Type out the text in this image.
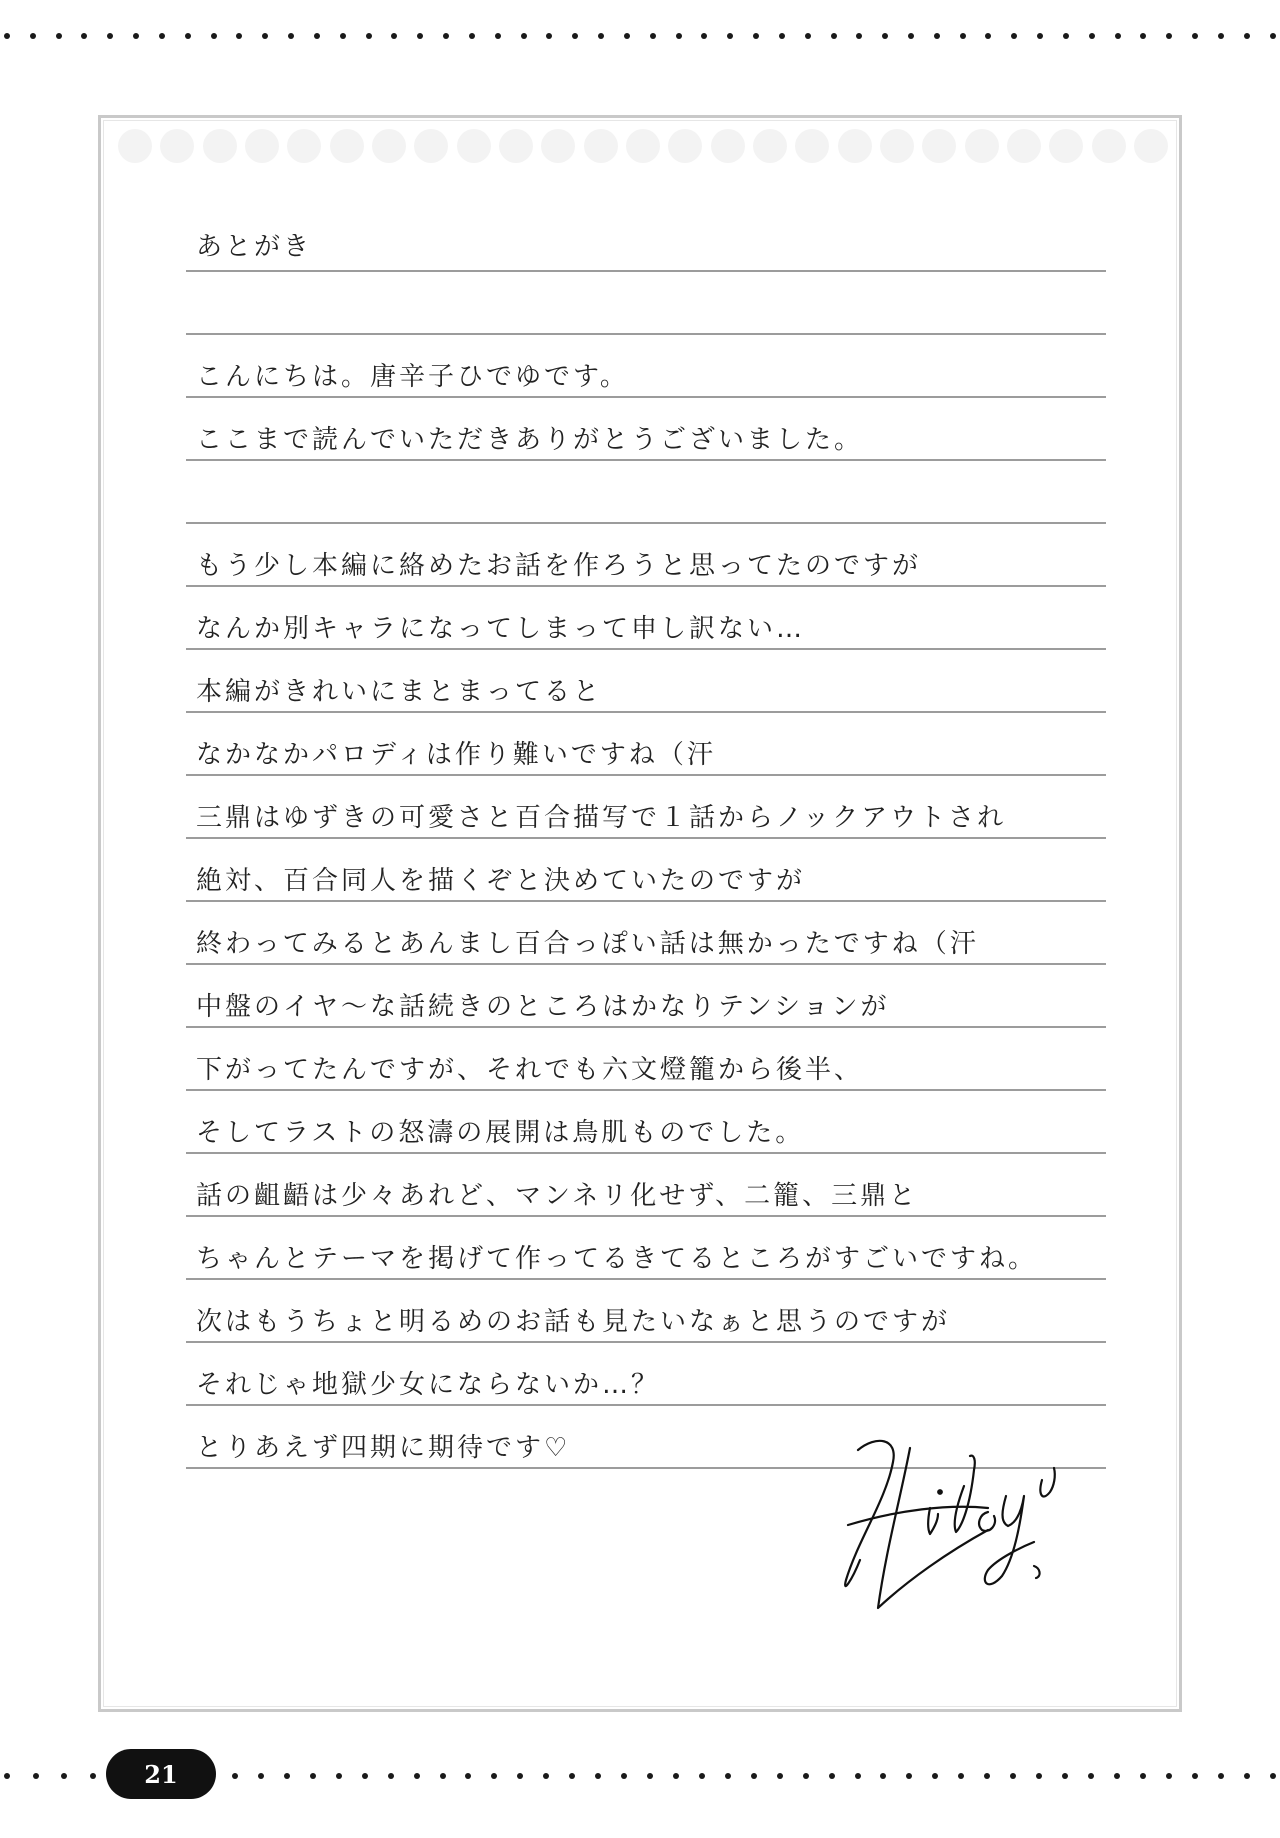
あとがき
こんにちは。唐辛子ひでゆです。
ここまで読んでいただきありがとうございました。
もう少し本編に絡めたお話を作ろうと思ってたのですが
なんか別キャラになってしまって申し訳ない…
本編がきれいにまとまってると
なかなかパロディは作り難いですね（汗
三鼎はゆずきの可愛さと百合描写で１話からノックアウトされ
絶対、百合同人を描くぞと決めていたのですが
終わってみるとあんまし百合っぽい話は無かったですね（汗
中盤のイヤ～な話続きのところはかなりテンションが
下がってたんですが、それでも六文燈籠から後半、
そしてラストの怒濤の展開は鳥肌ものでした。
話の齟齬は少々あれど、マンネリ化せず、二籠、三鼎と
ちゃんとテーマを掲げて作ってるきてるところがすごいですね。
次はもうちょと明るめのお話も見たいなぁと思うのですが
それじゃ地獄少女にならないか…？
とりあえず四期に期待です♡
21
